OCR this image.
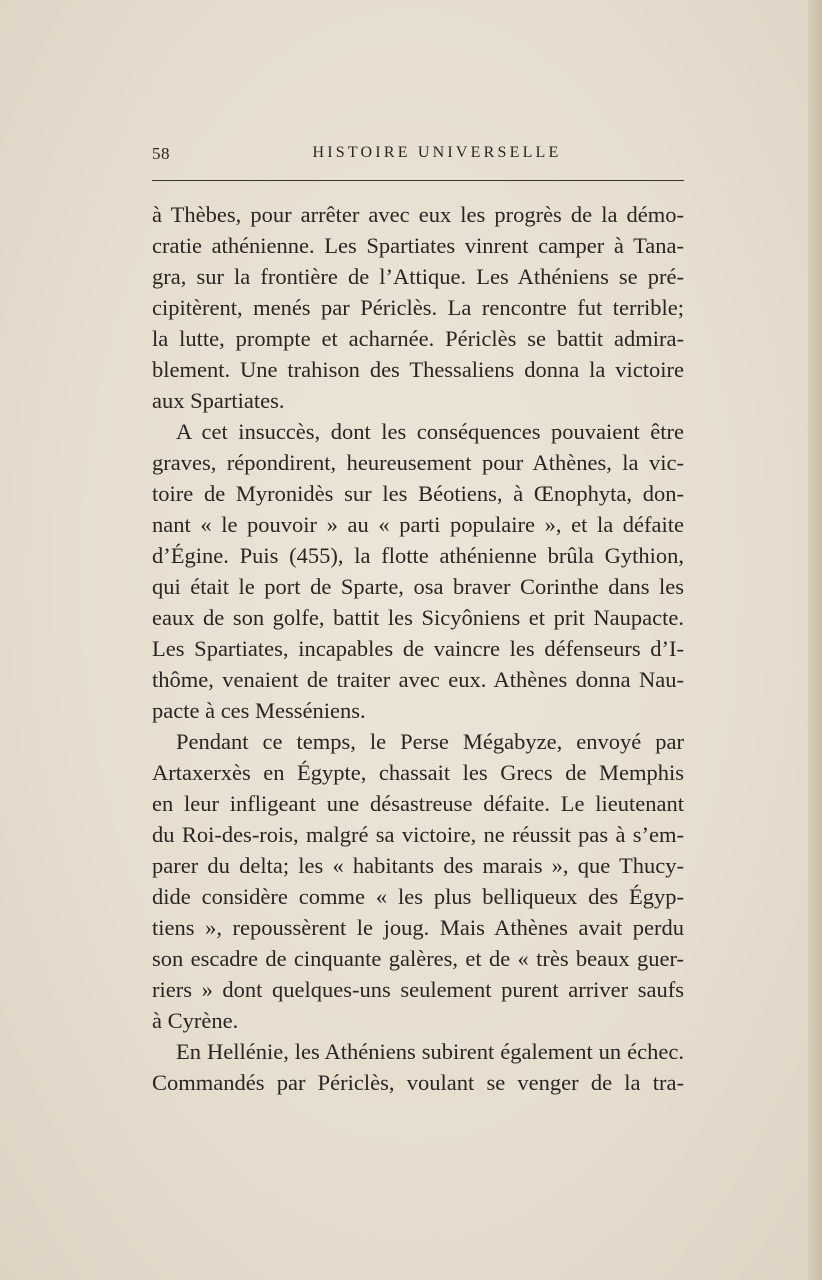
58	HISTOIRE UNIVERSELLE
à Thèbes, pour arrêter avec eux les progrès de la démo-
cratie athénienne. Les Spartiates vinrent camper à Tana-
gra, sur la frontière de l’Attique. Les Athéniens se pré-
cipitèrent, menés par Périclès. La rencontre fut terrible;
la lutte, prompte et acharnée. Périclès se battit admira-
blement. Une trahison des Thessaliens donna la victoire
aux Spartiates.
A cet insuccès, dont les conséquences pouvaient être
graves, répondirent, heureusement pour Athènes, la vic-
toire de Myronidès sur les Béotiens, à Œnophyta, don-
nant « le pouvoir » au « parti populaire », et la défaite
d’Égine. Puis (455), la flotte athénienne brûla Gythion,
qui était le port de Sparte, osa braver Corinthe dans les
eaux de son golfe, battit les Sicyôniens et prit Naupacte.
Les Spartiates, incapables de vaincre les défenseurs d’I-
thôme, venaient de traiter avec eux. Athènes donna Nau-
pacte à ces Messéniens.
Pendant ce temps, le Perse Mégabyze, envoyé par
Artaxerxès en Égypte, chassait les Grecs de Memphis
en leur infligeant une désastreuse défaite. Le lieutenant
du Roi-des-rois, malgré sa victoire, ne réussit pas à s’em-
parer du delta; les « habitants des marais », que Thucy-
dide considère comme « les plus belliqueux des Égyp-
tiens », repoussèrent le joug. Mais Athènes avait perdu
son escadre de cinquante galères, et de « très beaux guer-
riers » dont quelques-uns seulement purent arriver saufs
à Cyrène.
En Hellénie, les Athéniens subirent également un échec.
Commandés par Périclès, voulant se venger de la tra-
